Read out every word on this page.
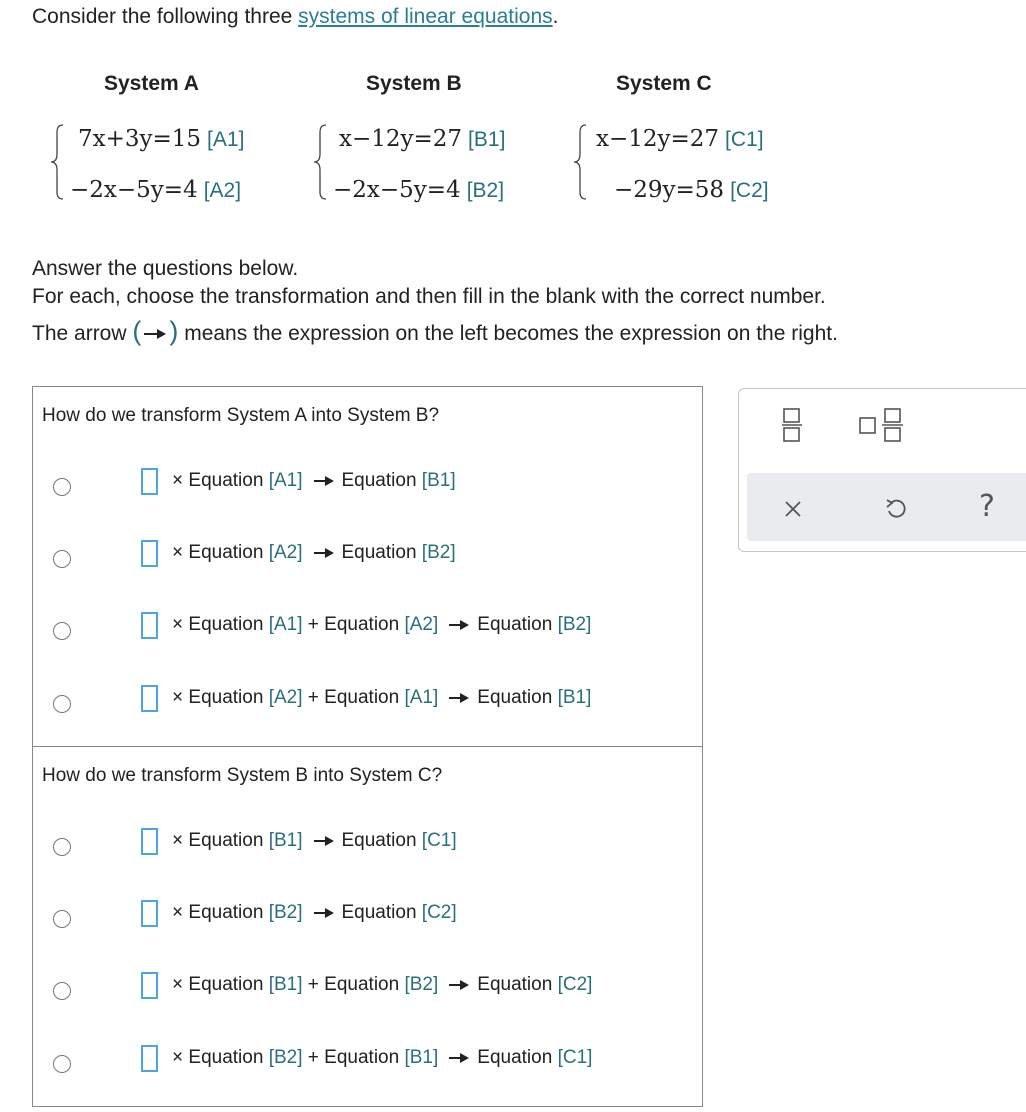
Consider the following three systems of linear equations.
System A	System B	System C
7x+3y=15 [A1]
−2x−5y=4 [A2]
x−12y=27 [B1]
−2x−5y=4 [B2]
x−12y=27 [C1]
−29y=58 [C2]
Answer the questions below.
For each, choose the transformation and then fill in the blank with the correct number.
The arrow ( ) means the expression on the left becomes the expression on the right.
How do we transform System A into System B?
× Equation [A1] Equation [B1]
× Equation [A2] Equation [B2]
× Equation [A1] + Equation [A2] Equation [B2]
× Equation [A2] + Equation [A1] Equation [B1]
How do we transform System B into System C?
× Equation [B1] Equation [C1]
× Equation [B2] Equation [C2]
× Equation [B1] + Equation [B2] Equation [C2]
× Equation [B2] + Equation [B1] Equation [C1]
?
